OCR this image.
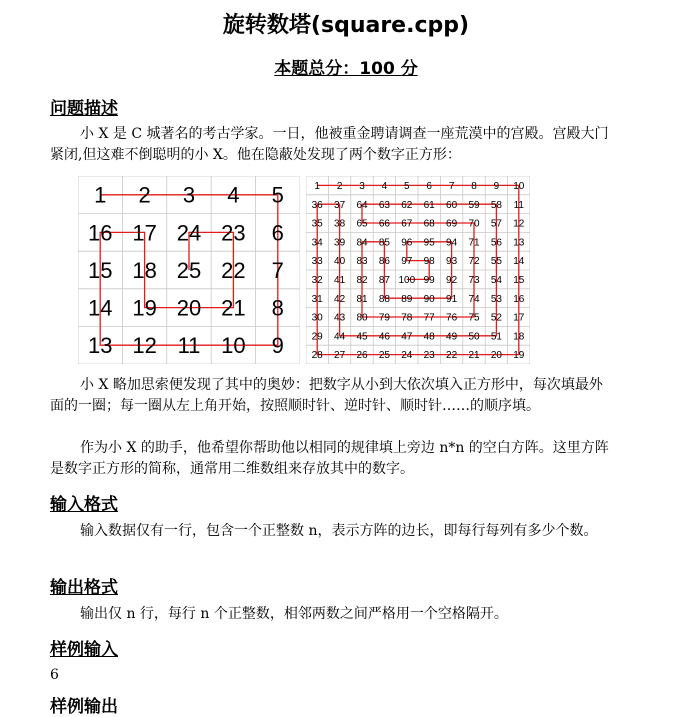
旋转数塔(square.cpp)
本题总分：100 分
问题描述
小 X 是 C 城著名的考古学家。一日，他被重金聘请调查一座荒漠中的宫殿。宫殿大门紧闭,但这难不倒聪明的小 X。他在隐蔽处发现了两个数字正方形：
1 2 3 4 5
16 17 24 23 6
15 18 25 22 7
14 19 20 21 8
13 12 11 10 9
1 2 3 4 5 6 7 8 9 10
36 37 64 63 62 61 60 59 58 11
35 38 65 66 67 68 69 70 57 12
34 39 84 85 96 95 94 71 56 13
33 40 83 86 97 98 93 72 55 14
32 41 82 87 100 99 92 73 54 15
31 42 81 88 89 90 91 74 53 16
30 43 80 79 78 77 76 75 52 17
29 44 45 46 47 48 49 50 51 18
28 27 26 25 24 23 22 21 20 19
小 X 略加思索便发现了其中的奥妙：把数字从小到大依次填入正方形中，每次填最外面的一圈；每一圈从左上角开始，按照顺时针、逆时针、顺时针……的顺序填。
作为小 X 的助手，他希望你帮助他以相同的规律填上旁边 n*n 的空白方阵。这里方阵是数字正方形的简称，通常用二维数组来存放其中的数字。
输入格式
输入数据仅有一行，包含一个正整数 n，表示方阵的边长，即每行每列有多少个数。
输出格式
输出仅 n 行，每行 n 个正整数，相邻两数之间严格用一个空格隔开。
样例输入
6
样例输出
